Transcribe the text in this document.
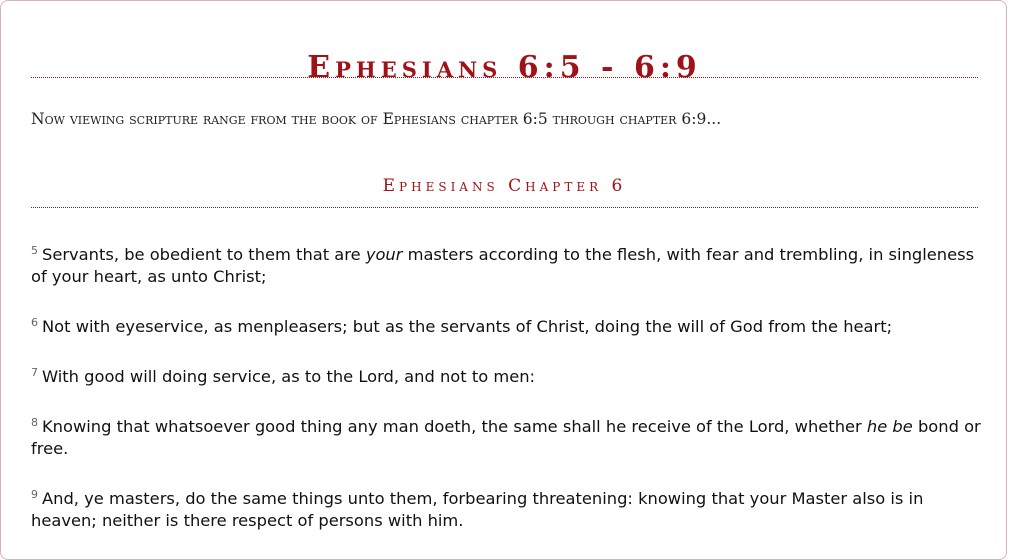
Ephesians 6:5 - 6:9
Now viewing scripture range from the book of Ephesians chapter 6:5 through chapter 6:9...
Ephesians Chapter 6

$^5$ Servants, be obedient to them that are your masters according to the flesh, with fear and trembling, in singleness of your heart, as unto Christ;

$^6$ Not with eyeservice, as menpleasers; but as the servants of Christ, doing the will of God from the heart;

$^7$ With good will doing service, as to the Lord, and not to men:

$^8$ Knowing that whatsoever good thing any man doeth, the same shall he receive of the Lord, whether he be bond or free.

$^9$ And, ye masters, do the same things unto them, forbearing threatening: knowing that your Master also is in heaven; neither is there respect of persons with him.
